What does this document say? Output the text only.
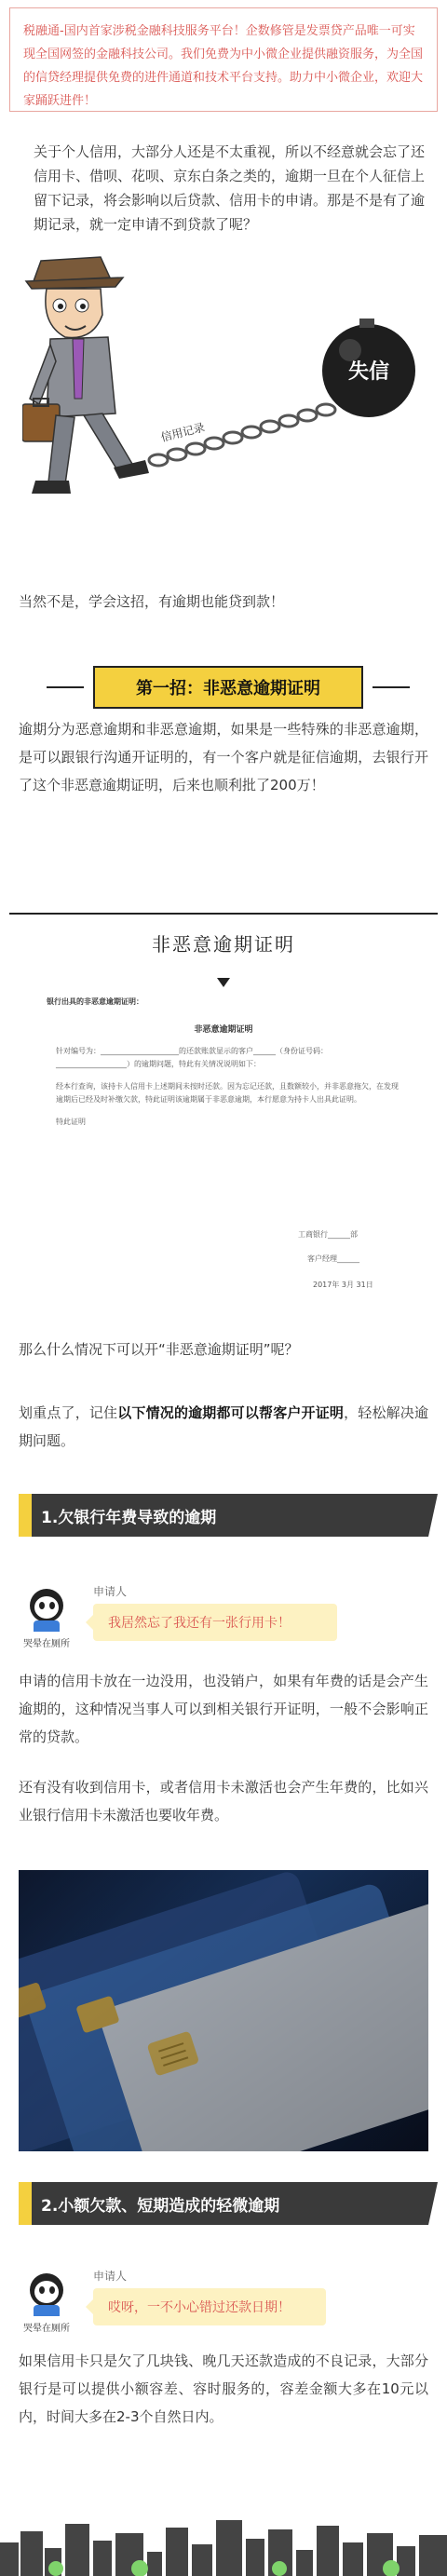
税融通-国内首家涉税金融科技服务平台！企数修管是发票贷产品唯一可实现全国网签的金融科技公司。我们免费为中小微企业提供融资服务，为全国的信贷经理提供免费的进件通道和技术平台支持。助力中小微企业，欢迎大家踊跃进件！
关于个人信用，大部分人还是不太重视，所以不经意就会忘了还信用卡、借呗、花呗、京东白条之类的，逾期一旦在个人征信上留下记录，将会影响以后贷款、信用卡的申请。那是不是有了逾期记录，就一定申请不到贷款了呢？
信用记录
失信
当然不是，学会这招，有逾期也能贷到款！
第一招：非恶意逾期证明
逾期分为恶意逾期和非恶意逾期，如果是一些特殊的非恶意逾期，是可以跟银行沟通开证明的，有一个客户就是征信逾期，去银行开了这个非恶意逾期证明，后来也顺利批了200万！
非恶意逾期证明
银行出具的非恶意逾期证明：
非恶意逾期证明

针对编号为：_____________________的还款账款显示的客户______（身份证号码：___________________）的逾期问题，特此有关情况说明如下：

经本行查询，该持卡人信用卡上述期间未按时还款。因为忘记还款，且数额较小，并非恶意拖欠，在发现逾期后已经及时补缴欠款，特此证明该逾期属于非恶意逾期，本行愿意为持卡人出具此证明。

特此证明

工商银行______部
客户经理______
2017年 3月 31日
那么什么情况下可以开“非恶意逾期证明”呢？
划重点了，记住以下情况的逾期都可以帮客户开证明，轻松解决逾期问题。
1.欠银行年费导致的逾期
哭晕在厕所
申请人
我居然忘了我还有一张行用卡！
申请的信用卡放在一边没用，也没销户，如果有年费的话是会产生逾期的，这种情况当事人可以到相关银行开证明，一般不会影响正常的贷款。
还有没有收到信用卡，或者信用卡未激活也会产生年费的，比如兴业银行信用卡未激活也要收年费。
2.小额欠款、短期造成的轻微逾期
哭晕在厕所
申请人
哎呀，一不小心错过还款日期！
如果信用卡只是欠了几块钱、晚几天还款造成的不良记录，大部分银行是可以提供小额容差、容时服务的，容差金额大多在10元以内，时间大多在2-3个自然日内。
